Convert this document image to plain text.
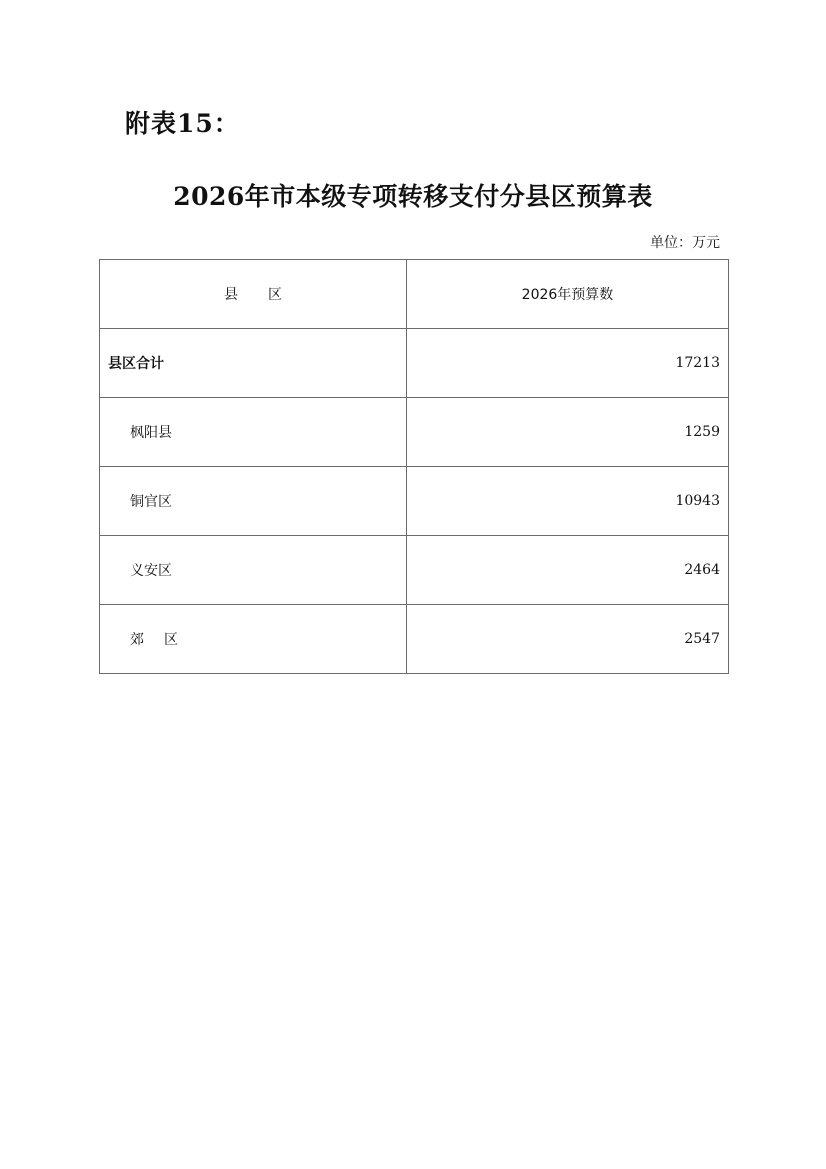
附表15：
2026年市本级专项转移支付分县区预算表
单位：万元
县区	2026年预算数
县区合计	17213
枫阳县	1259
铜官区	10943
义安区	2464
郊区	2547
